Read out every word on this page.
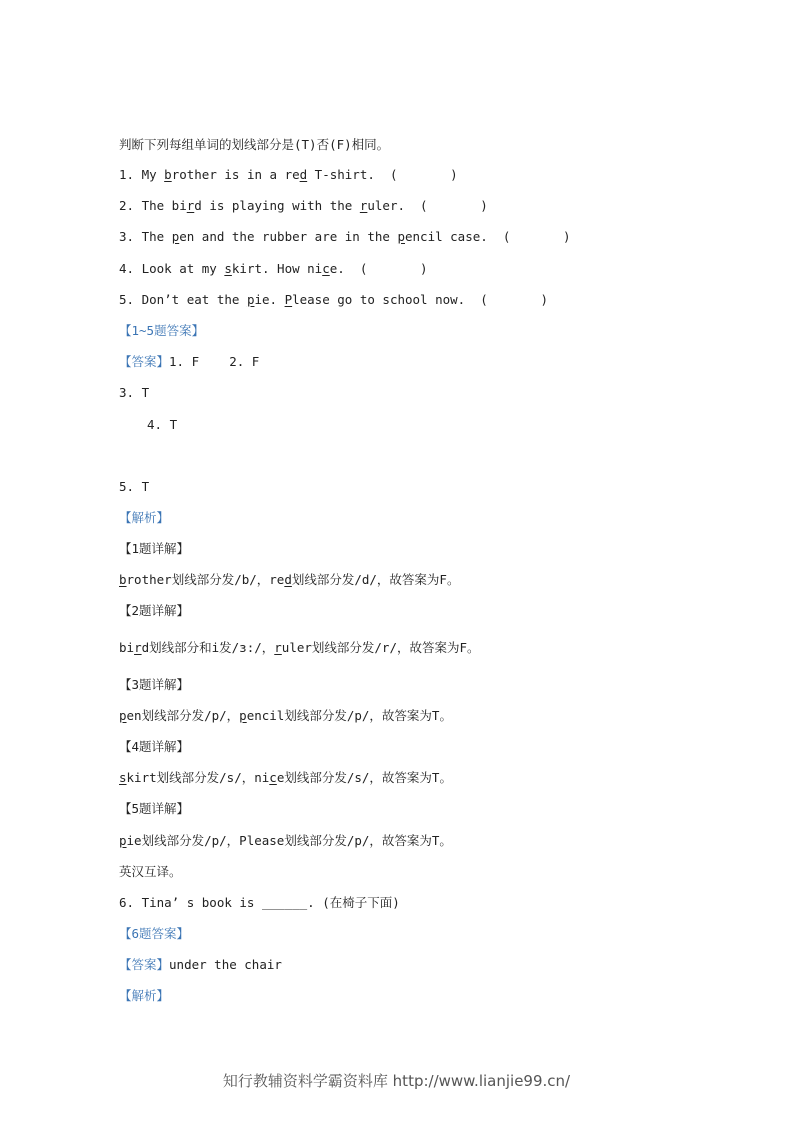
判断下列每组单词的划线部分是(T)否(F)相同。

1. My brother is in a red T-shirt.  (       )

2. The bird is playing with the ruler.  (       )

3. The pen and the rubber are in the pencil case.  (       )

4. Look at my skirt. How nice.  (       )

5. Don’t eat the pie. Please go to school now.  (       )

【1~5题答案】

【答案】1. F    2. F

3. T

4. T

5. T

【解析】

【1题详解】

brother划线部分发/b/，red划线部分发/d/，故答案为F。

【2题详解】

bird划线部分和i发/ɜ:/，ruler划线部分发/r/，故答案为F。

【3题详解】

pen划线部分发/p/，pencil划线部分发/p/，故答案为T。

【4题详解】

skirt划线部分发/s/，nice划线部分发/s/，故答案为T。

【5题详解】

pie划线部分发/p/，Please划线部分发/p/，故答案为T。

英汉互译。

6. Tina’ s book is ______. (在椅子下面)

【6题答案】

【答案】under the chair

【解析】

知行教辅资料学霸资料库 http://www.lianjie99.cn/
